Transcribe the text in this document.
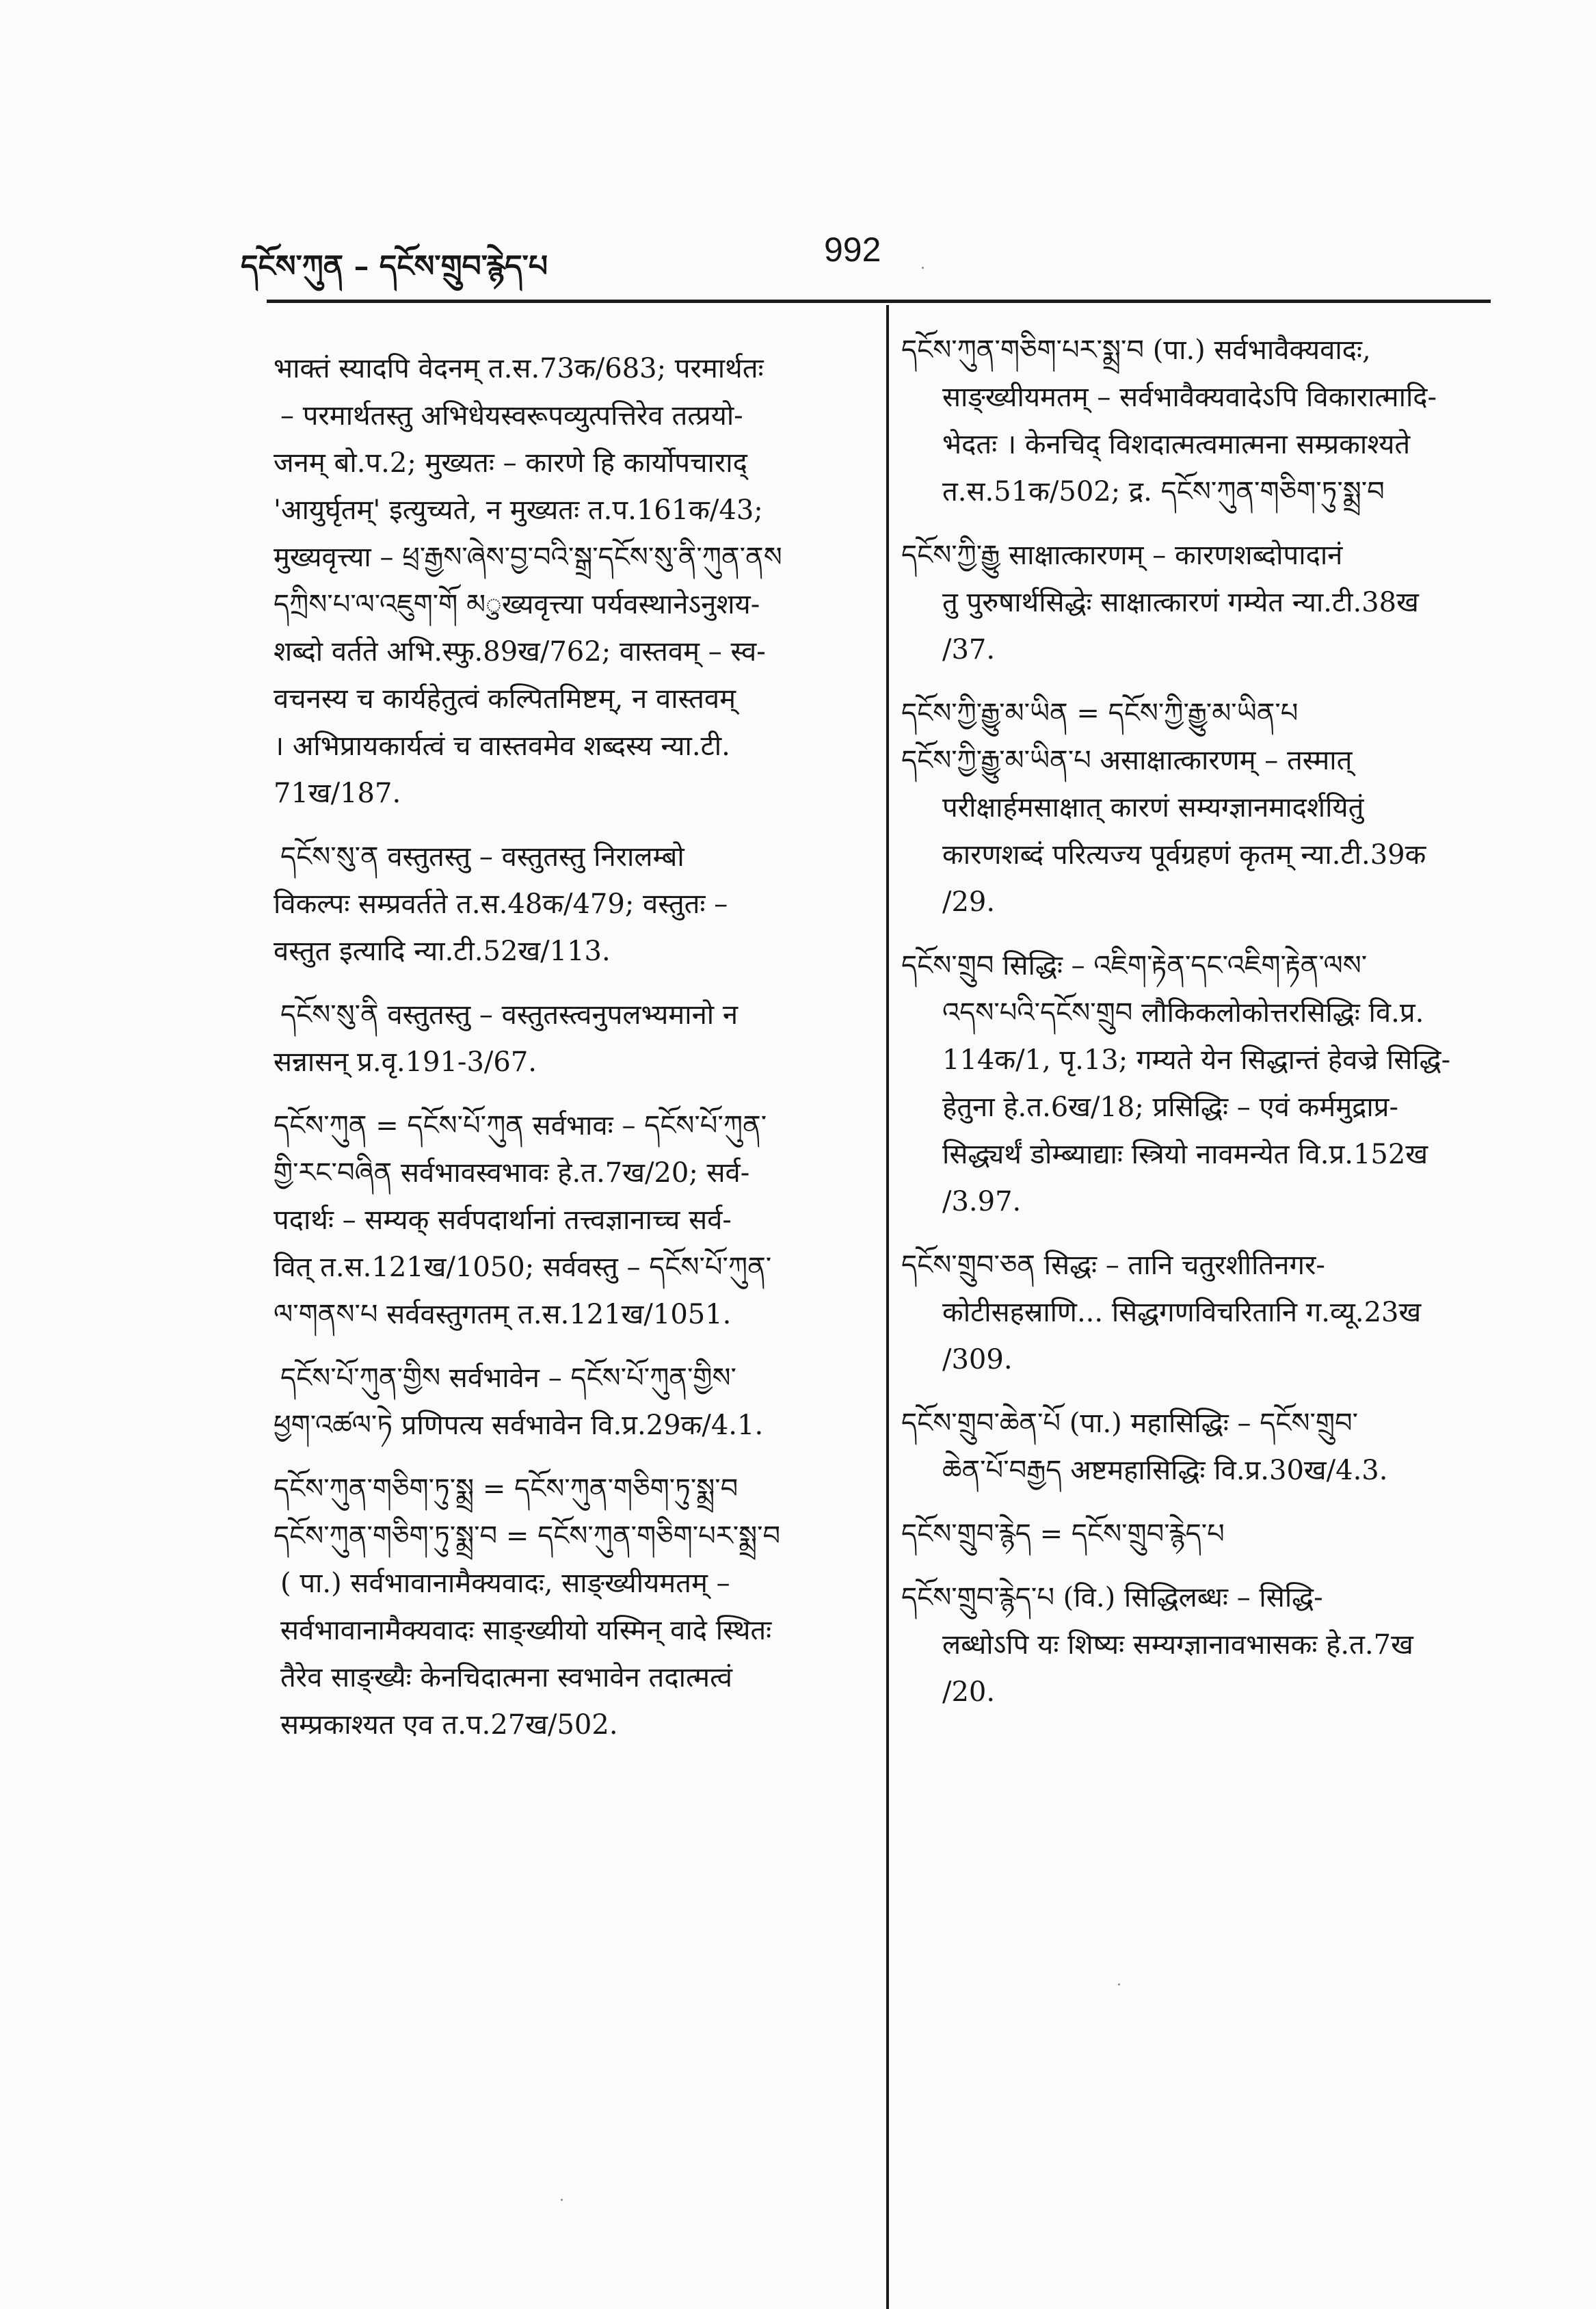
དངོས་ཀུན – དངོས་གྲུབ་རྙེད་པ	992
भाक्तं स्यादपि वेदनम् त.स.73क/683; परमार्थतः
– परमार्थतस्तु अभिधेयस्वरूपव्युत्पत्तिरेव तत्प्रयो-
जनम् बो.प.2; मुख्यतः – कारणे हि कार्योपचाराद्
'आयुर्घृतम्' इत्युच्यते, न मुख्यतः त.प.161क/43;
मुख्यवृत्त्या – ཕྲ་རྒྱས་ཞེས་བྱ་བའི་སྒྲ་དངོས་སུ་ནི་ཀུན་ནས
དཀྲིས་པ་ལ་འཇུག་གོ མुख्यवृत्त्या पर्यवस्थानेऽनुशय-
शब्दो वर्तते अभि.स्फु.89ख/762; वास्तवम् – स्व-
वचनस्य च कार्यहेतुत्वं कल्पितमिष्टम्, न वास्तवम्
। अभिप्रायकार्यत्वं च वास्तवमेव शब्दस्य न्या.टी.
71ख/187.
དངོས་སུ་ན वस्तुतस्तु – वस्तुतस्तु निरालम्बो
विकल्पः सम्प्रवर्तते त.स.48क/479; वस्तुतः –
वस्तुत इत्यादि न्या.टी.52ख/113.
དངོས་སུ་ནི वस्तुतस्तु – वस्तुतस्त्वनुपलभ्यमानो न
सन्नासन् प्र.वृ.191-3/67.
དངོས་ཀུན = དངོས་པོ་ཀུན सर्वभावः – དངོས་པོ་ཀུན་
གྱི་རང་བཞིན सर्वभावस्वभावः हे.त.7ख/20; सर्व-
पदार्थः – सम्यक् सर्वपदार्थानां तत्त्वज्ञानाच्च सर्व-
वित् त.स.121ख/1050; सर्ववस्तु – དངོས་པོ་ཀུན་
ལ་གནས་པ सर्ववस्तुगतम् त.स.121ख/1051.
དངོས་པོ་ཀུན་གྱིས सर्वभावेन – དངོས་པོ་ཀུན་གྱིས་
ཕྱག་འཚལ་ཏེ प्रणिपत्य सर्वभावेन वि.प्र.29क/4.1.
དངོས་ཀུན་གཅིག་ཏུ་སྨྲ = དངོས་ཀུན་གཅིག་ཏུ་སྨྲ་བ
དངོས་ཀུན་གཅིག་ཏུ་སྨྲ་བ = དངོས་ཀུན་གཅིག་པར་སྨྲ་བ
( पा.) सर्वभावानामैक्यवादः, साङ्ख्यीयमतम् –
सर्वभावानामैक्यवादः साङ्ख्यीयो यस्मिन् वादे स्थितः
तैरेव साङ्ख्यैः केनचिदात्मना स्वभावेन तदात्मत्वं
सम्प्रकाश्यत एव त.प.27ख/502.
དངོས་ཀུན་གཅིག་པར་སྨྲ་བ (पा.) सर्वभावैक्यवादः,
साङ्ख्यीयमतम् – सर्वभावैक्यवादेऽपि विकारात्मादि-
भेदतः । केनचिद् विशदात्मत्वमात्मना सम्प्रकाश्यते
त.स.51क/502; द्र. དངོས་ཀུན་གཅིག་ཏུ་སྨྲ་བ
དངོས་ཀྱི་རྒྱུ साक्षात्कारणम् – कारणशब्दोपादानं
तु पुरुषार्थसिद्धेः साक्षात्कारणं गम्येत न्या.टी.38ख
/37.
དངོས་ཀྱི་རྒྱུ་མ་ཡིན = དངོས་ཀྱི་རྒྱུ་མ་ཡིན་པ
དངོས་ཀྱི་རྒྱུ་མ་ཡིན་པ असाक्षात्कारणम् – तस्मात्
परीक्षार्हमसाक्षात् कारणं सम्यग्ज्ञानमादर्शयितुं
कारणशब्दं परित्यज्य पूर्वग्रहणं कृतम् न्या.टी.39क
/29.
དངོས་གྲུབ सिद्धिः – འཇིག་རྟེན་དང་འཇིག་རྟེན་ལས་
འདས་པའི་དངོས་གྲུབ लौकिकलोकोत्तरसिद्धिः वि.प्र.
114क/1, पृ.13; गम्यते येन सिद्धान्तं हेवज्रे सिद्धि-
हेतुना हे.त.6ख/18; प्रसिद्धिः – एवं कर्ममुद्राप्र-
सिद्ध्यर्थं डोम्ब्याद्याः स्त्रियो नावमन्येत वि.प्र.152ख
/3.97.
དངོས་གྲུབ་ཅན सिद्धः – तानि चतुरशीतिनगर-
कोटीसहस्राणि... सिद्धगणविचरितानि ग.व्यू.23ख
/309.
དངོས་གྲུབ་ཆེན་པོ (पा.) महासिद्धिः – དངོས་གྲུབ་
ཆེན་པོ་བརྒྱད अष्टमहासिद्धिः वि.प्र.30ख/4.3.
དངོས་གྲུབ་རྙེད = དངོས་གྲུབ་རྙེད་པ
དངོས་གྲུབ་རྙེད་པ (वि.) सिद्धिलब्धः – सिद्धि-
लब्धोऽपि यः शिष्यः सम्यग्ज्ञानावभासकः हे.त.7ख
/20.
